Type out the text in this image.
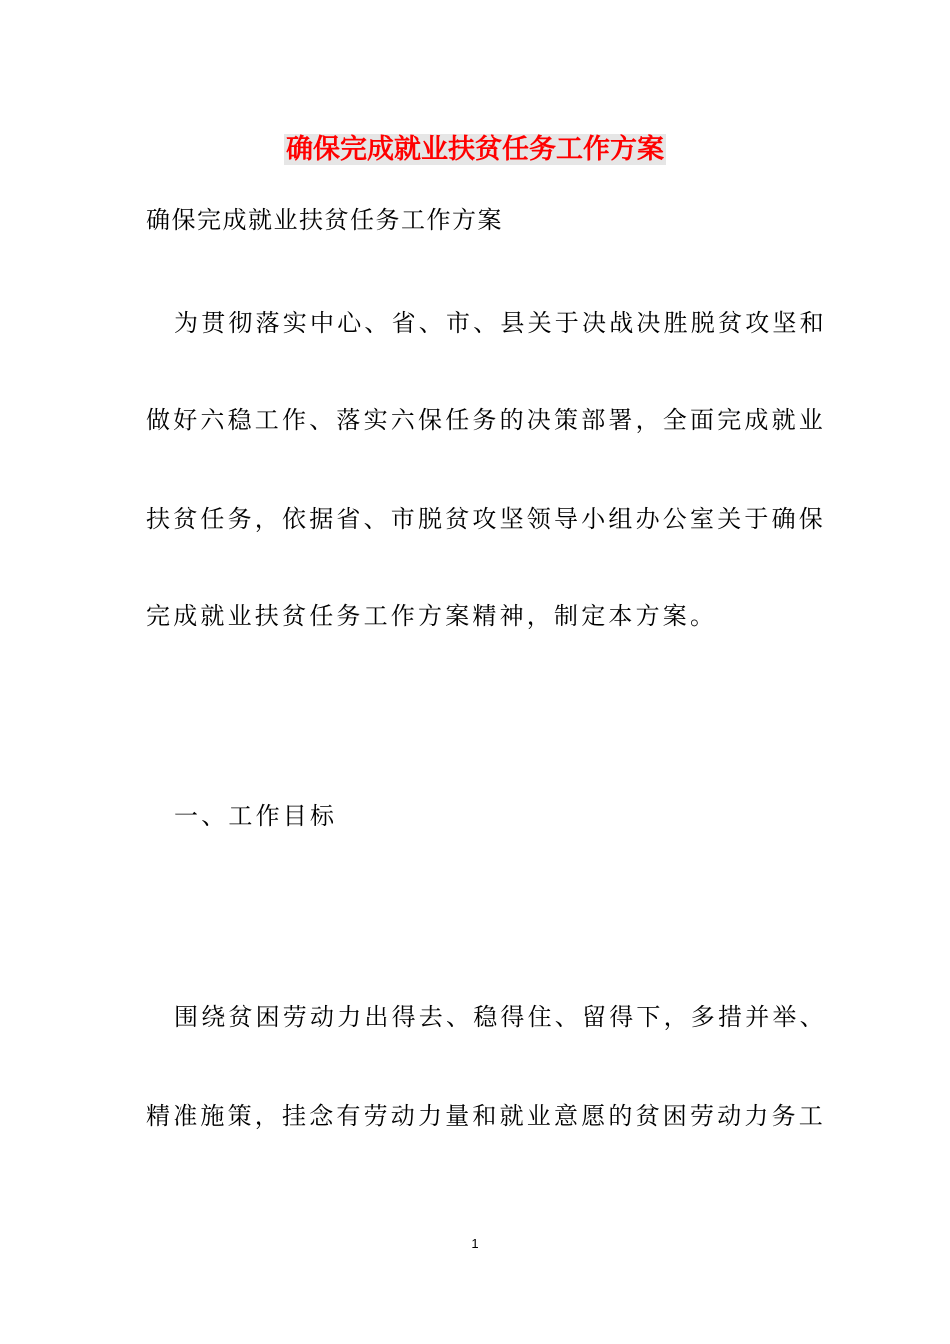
确保完成就业扶贫任务工作方案
确保完成就业扶贫任务工作方案
为贯彻落实中心、省、市、县关于决战决胜脱贫攻坚和
做好六稳工作、落实六保任务的决策部署，全面完成就业
扶贫任务，依据省、市脱贫攻坚领导小组办公室关于确保
完成就业扶贫任务工作方案精神，制定本方案。
一、工作目标
围绕贫困劳动力出得去、稳得住、留得下，多措并举、
精准施策，挂念有劳动力量和就业意愿的贫困劳动力务工
1
